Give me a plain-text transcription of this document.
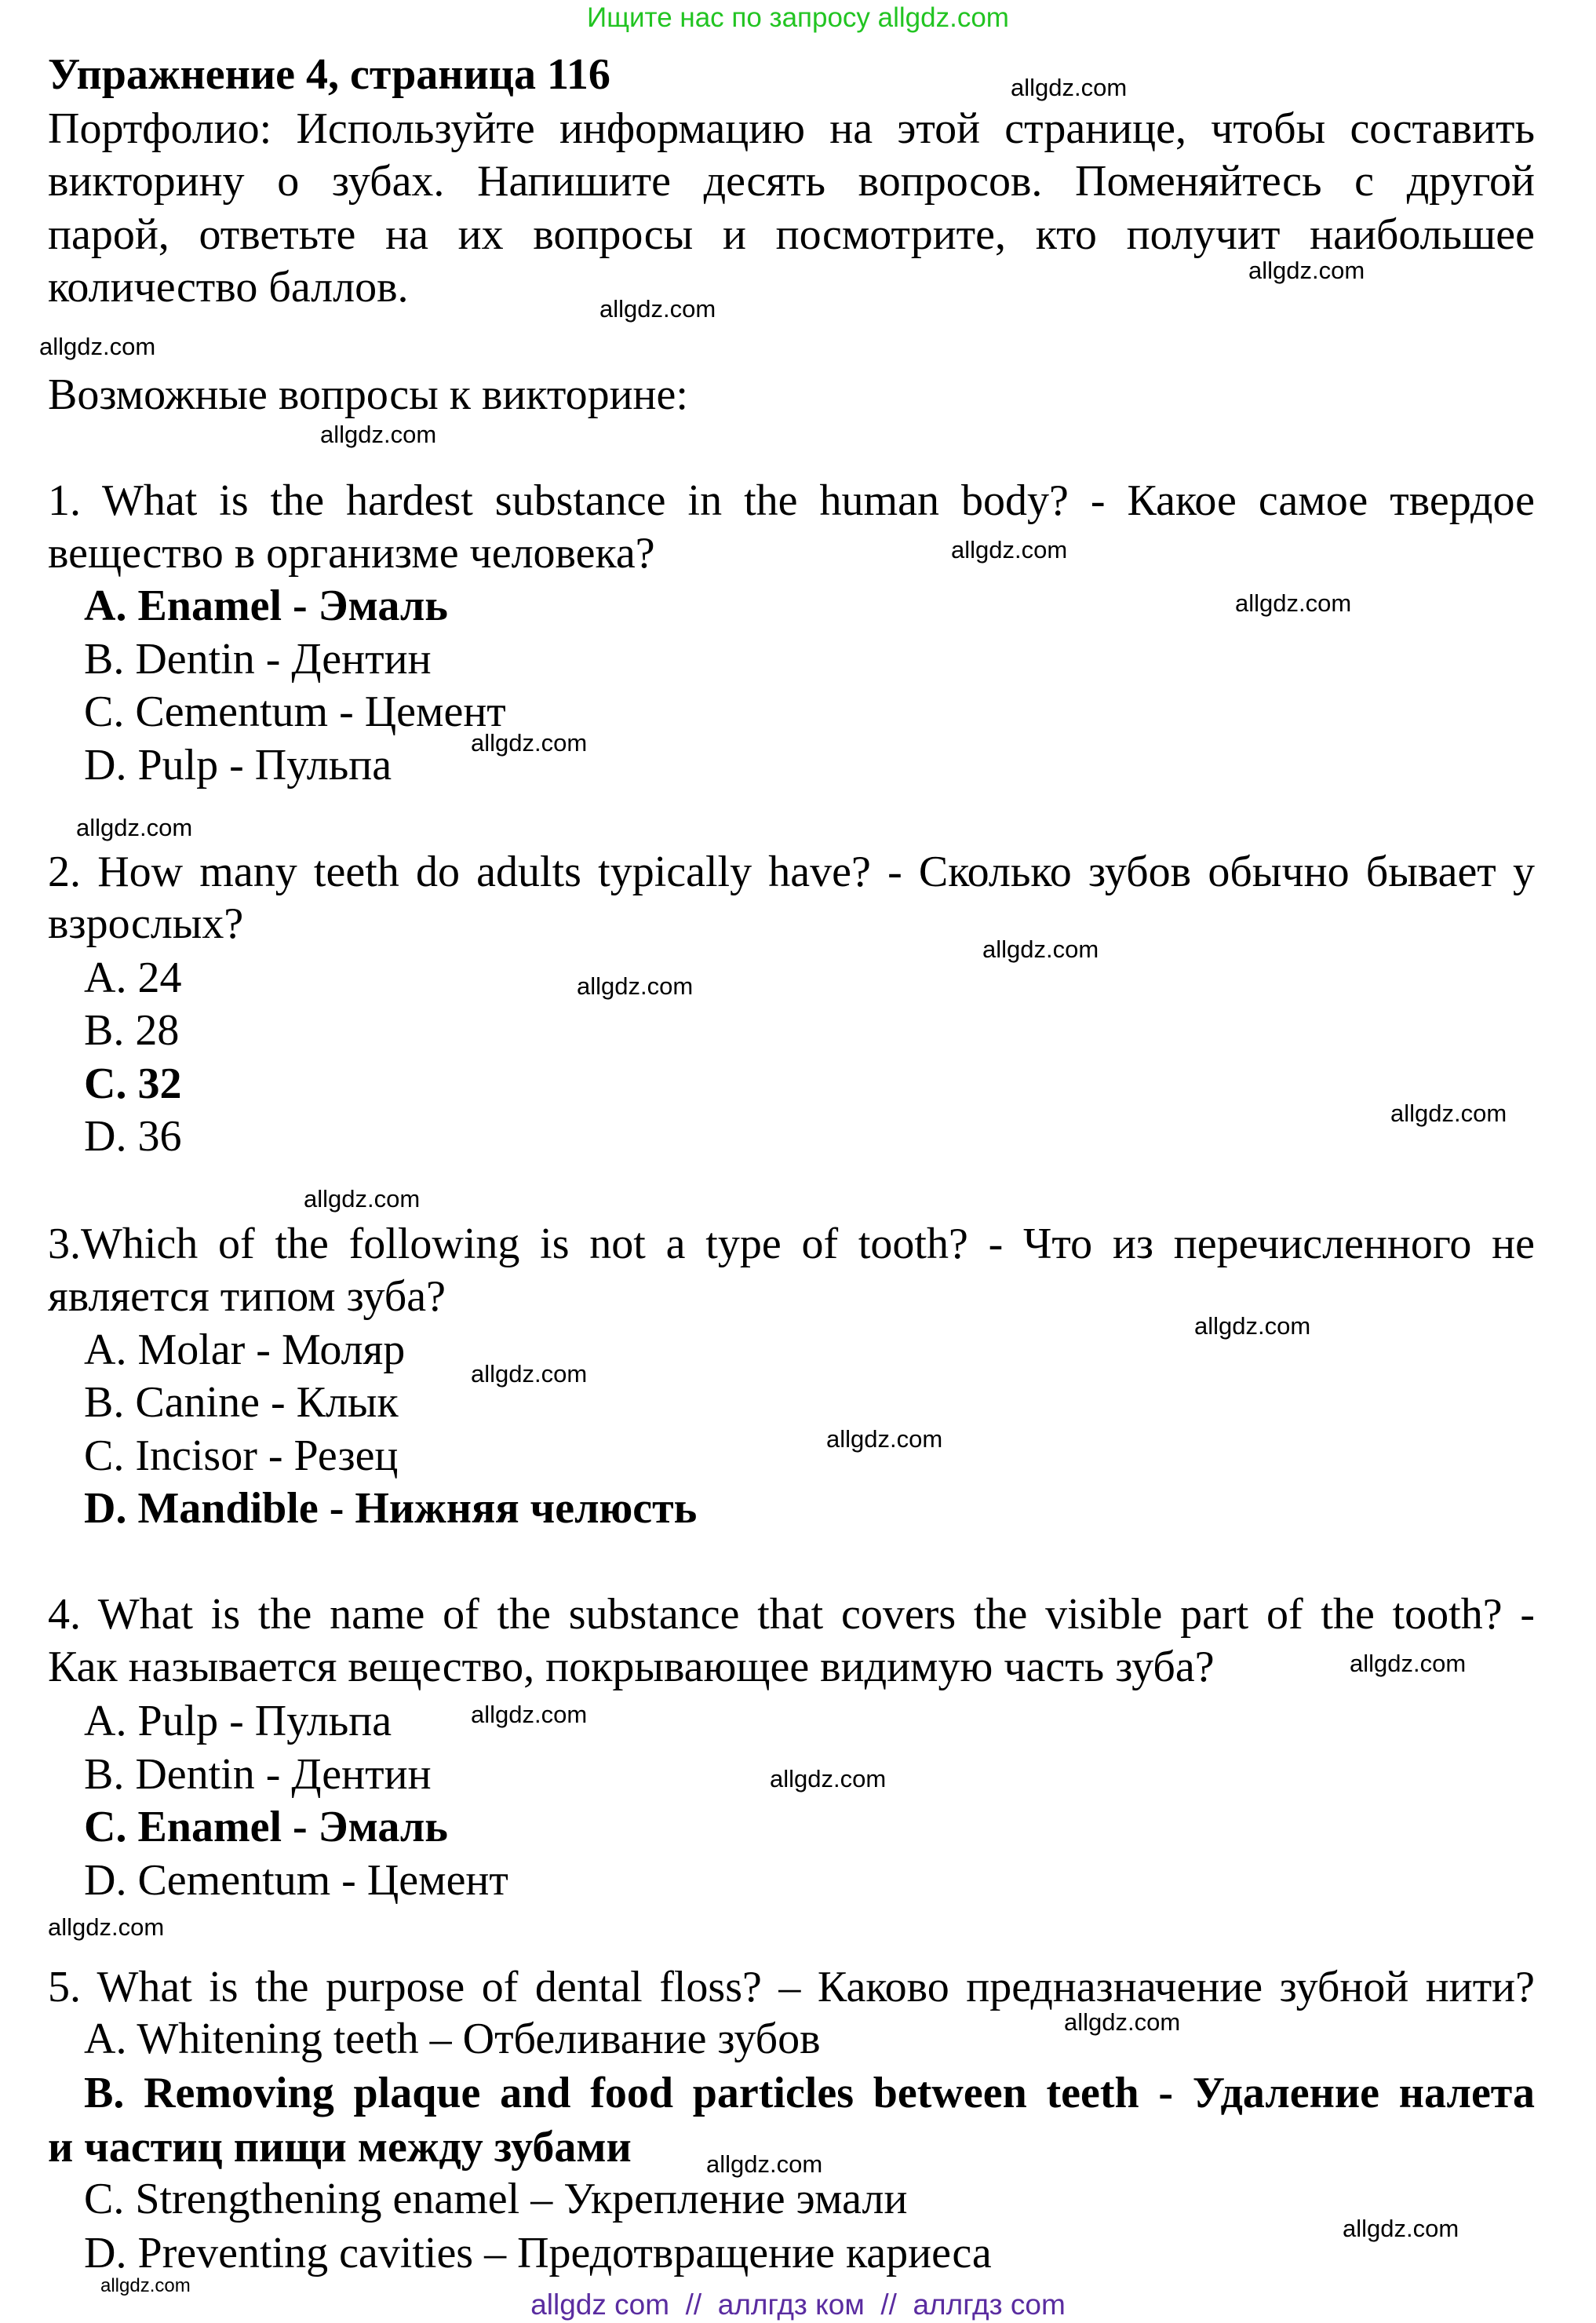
Ищите нас по запросу allgdz.com
allgdz com  //  аллгдз ком  //  аллгдз com
Упражнение 4, страница 116
Портфолио: Используйте информацию на этой странице, чтобы составить
викторину о зубах. Напишите десять вопросов. Поменяйтесь с другой
парой, ответьте на их вопросы и посмотрите, кто получит наибольшее
количество баллов.
Возможные вопросы к викторине:
1. What is the hardest substance in the human body? - Какое самое твердое
вещество в организме человека?
A. Enamel - Эмаль
B. Dentin - Дентин
C. Cementum - Цемент
D. Pulp - Пульпа
2. How many teeth do adults typically have? - Сколько зубов обычно бывает у
взрослых?
A. 24
B. 28
C. 32
D. 36
3.Which of the following is not a type of tooth? - Что из перечисленного не
является типом зуба?
A. Molar - Моляр
B. Canine - Клык
C. Incisor - Резец
D. Mandible - Нижняя челюсть
4. What is the name of the substance that covers the visible part of the tooth? -
Как называется вещество, покрывающее видимую часть зуба?
A. Pulp - Пульпа
B. Dentin - Дентин
C. Enamel - Эмаль
D. Cementum - Цемент
5. What is the purpose of dental floss? – Каково предназначение зубной нити?
A. Whitening teeth – Отбеливание зубов
B. Removing plaque and food particles between teeth - Удаление налета
и частиц пищи между зубами
C. Strengthening enamel – Укрепление эмали
D. Preventing cavities – Предотвращение кариеса
allgdz.com
allgdz.com
allgdz.com
allgdz.com
allgdz.com
allgdz.com
allgdz.com
allgdz.com
allgdz.com
allgdz.com
allgdz.com
allgdz.com
allgdz.com
allgdz.com
allgdz.com
allgdz.com
allgdz.com
allgdz.com
allgdz.com
allgdz.com
allgdz.com
allgdz.com
allgdz.com
allgdz.com
